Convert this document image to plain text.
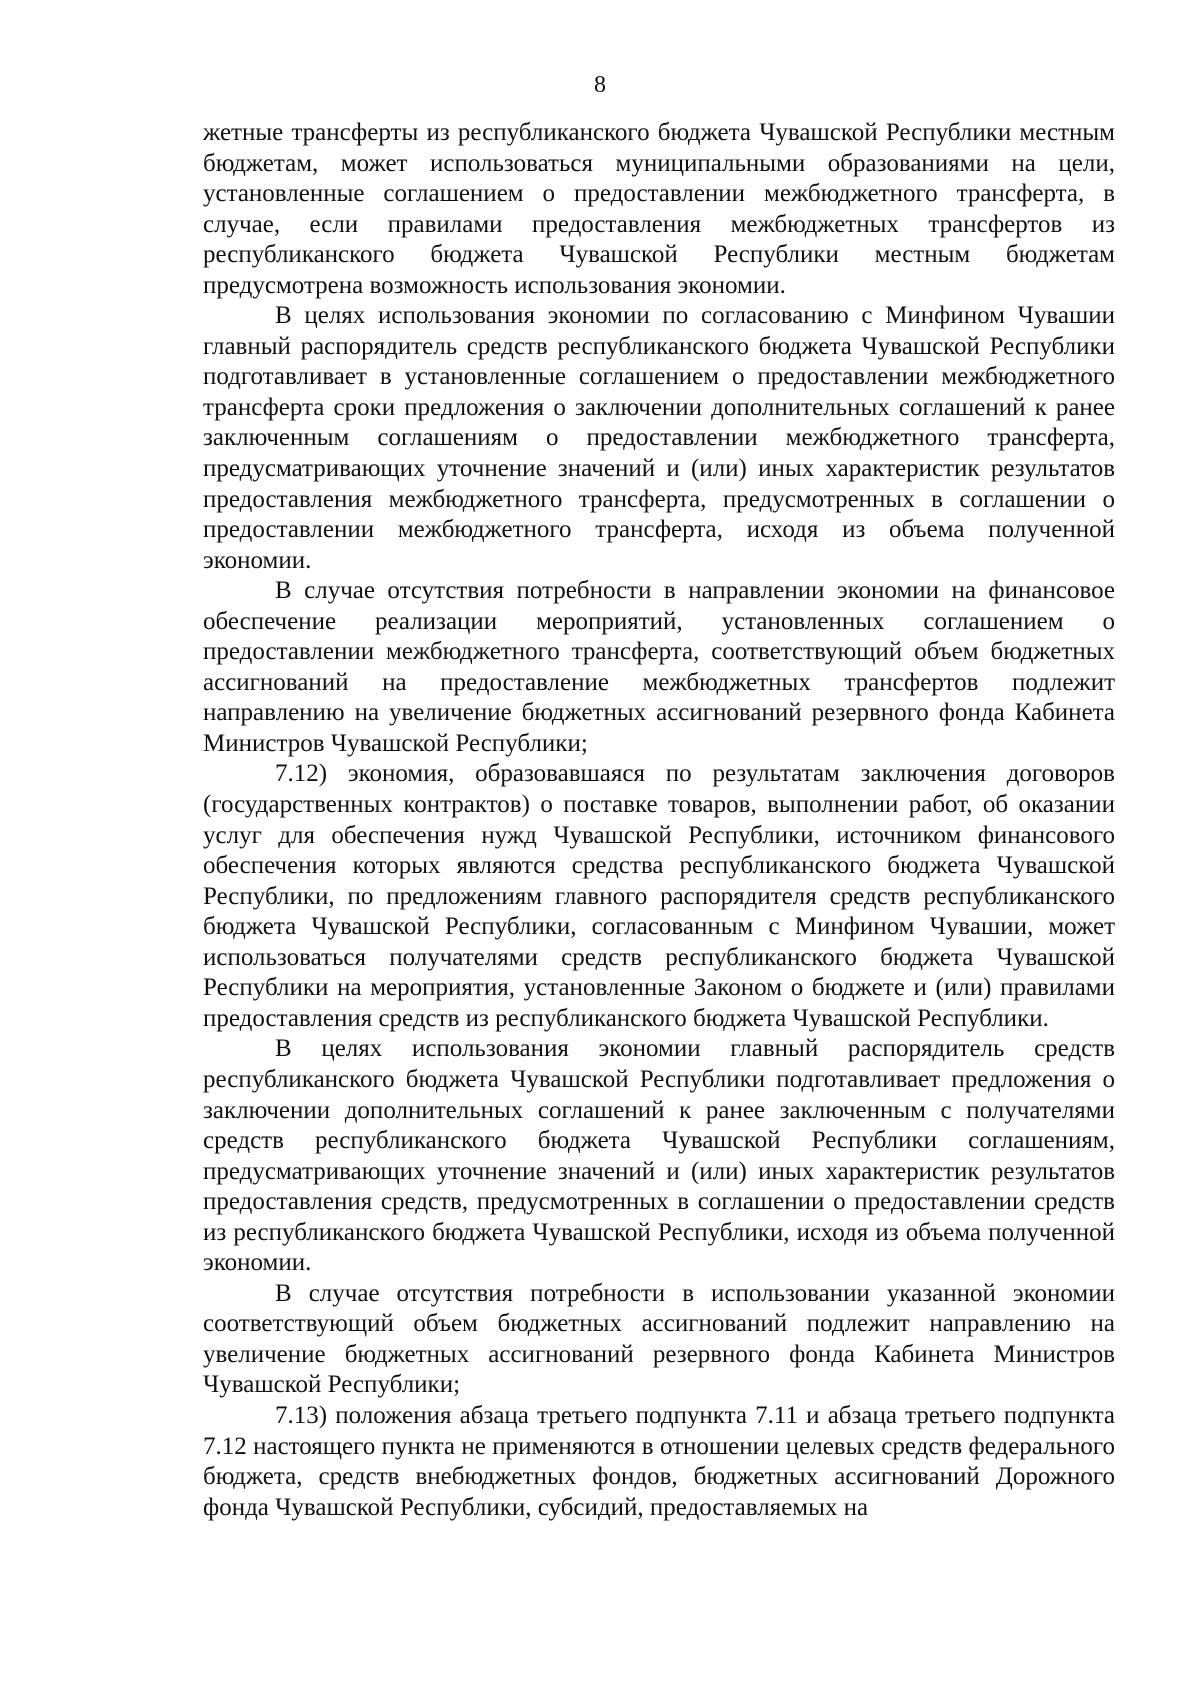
8

жетные трансферты из республиканского бюджета Чувашской Республики местным бюджетам, может использоваться муниципальными образованиями на цели, установленные соглашением о предоставлении межбюджетного трансферта, в случае, если правилами предоставления межбюджетных трансфертов из республиканского бюджета Чувашской Республики местным бюджетам предусмотрена возможность использования экономии.

В целях использования экономии по согласованию с Минфином Чувашии главный распорядитель средств республиканского бюджета Чувашской Республики подготавливает в установленные соглашением о предоставлении межбюджетного трансферта сроки предложения о заключении дополнительных соглашений к ранее заключенным соглашениям о предоставлении межбюджетного трансферта, предусматривающих уточнение значений и (или) иных характеристик результатов предоставления межбюджетного трансферта, предусмотренных в соглашении о предоставлении межбюджетного трансферта, исходя из объема полученной экономии.

В случае отсутствия потребности в направлении экономии на финансовое обеспечение реализации мероприятий, установленных соглашением о предоставлении межбюджетного трансферта, соответствующий объем бюджетных ассигнований на предоставление межбюджетных трансфертов подлежит направлению на увеличение бюджетных ассигнований резервного фонда Кабинета Министров Чувашской Республики;

7.12) экономия, образовавшаяся по результатам заключения договоров (государственных контрактов) о поставке товаров, выполнении работ, об оказании услуг для обеспечения нужд Чувашской Республики, источником финансового обеспечения которых являются средства республиканского бюджета Чувашской Республики, по предложениям главного распорядителя средств республиканского бюджета Чувашской Республики, согласованным с Минфином Чувашии, может использоваться получателями средств республиканского бюджета Чувашской Республики на мероприятия, установленные Законом о бюджете и (или) правилами предоставления средств из республиканского бюджета Чувашской Республики.

В целях использования экономии главный распорядитель средств республиканского бюджета Чувашской Республики подготавливает предложения о заключении дополнительных соглашений к ранее заключенным с получателями средств республиканского бюджета Чувашской Республики соглашениям, предусматривающих уточнение значений и (или) иных характеристик результатов предоставления средств, предусмотренных в соглашении о предоставлении средств из республиканского бюджета Чувашской Республики, исходя из объема полученной экономии.

В случае отсутствия потребности в использовании указанной экономии соответствующий объем бюджетных ассигнований подлежит направлению на увеличение бюджетных ассигнований резервного фонда Кабинета Министров Чувашской Республики;

7.13) положения абзаца третьего подпункта 7.11 и абзаца третьего подпункта 7.12 настоящего пункта не применяются в отношении целевых средств федерального бюджета, средств внебюджетных фондов, бюджетных ассигнований Дорожного фонда Чувашской Республики, субсидий, предоставляемых на
